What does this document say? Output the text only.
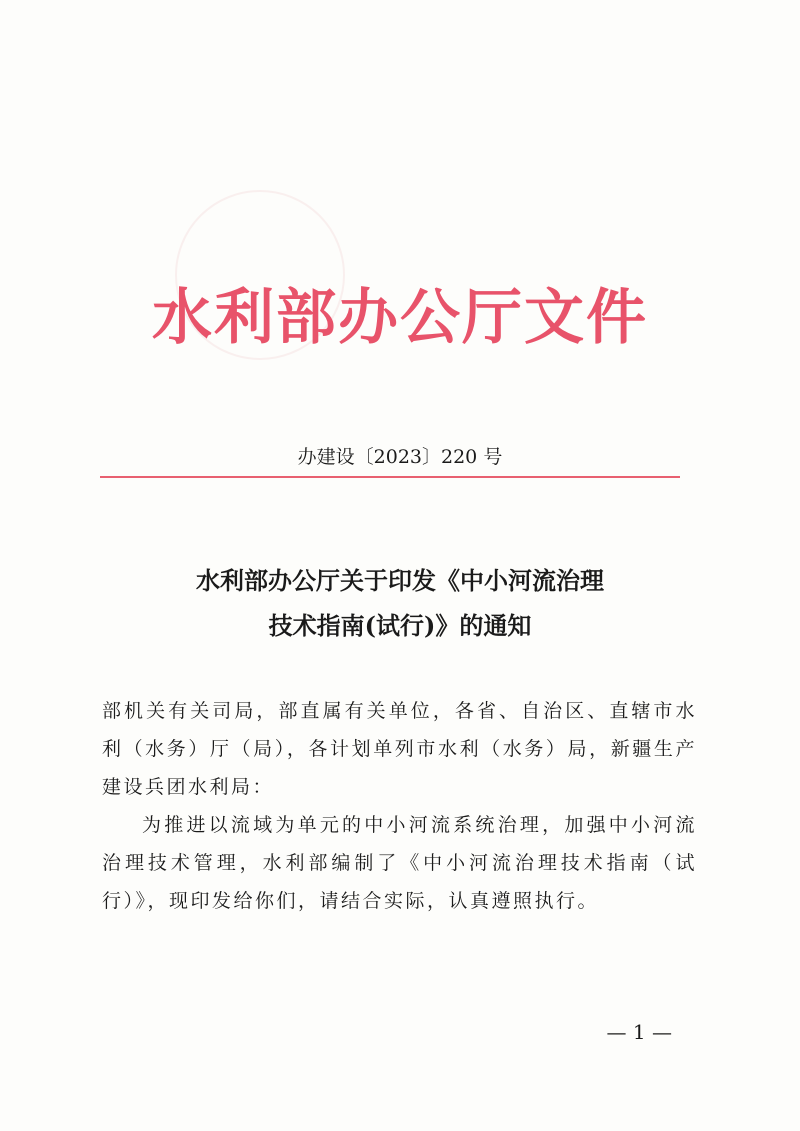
水利部办公厅文件
办建设〔2023〕220 号
水利部办公厅关于印发《中小河流治理
技术指南(试行)》的通知

部机关有关司局，部直属有关单位，各省、自治区、直辖市水利（水务）厅（局），各计划单列市水利（水务）局，新疆生产建设兵团水利局：

为推进以流域为单元的中小河流系统治理，加强中小河流治理技术管理，水利部编制了《中小河流治理技术指南（试行）》，现印发给你们，请结合实际，认真遵照执行。

— 1 —
